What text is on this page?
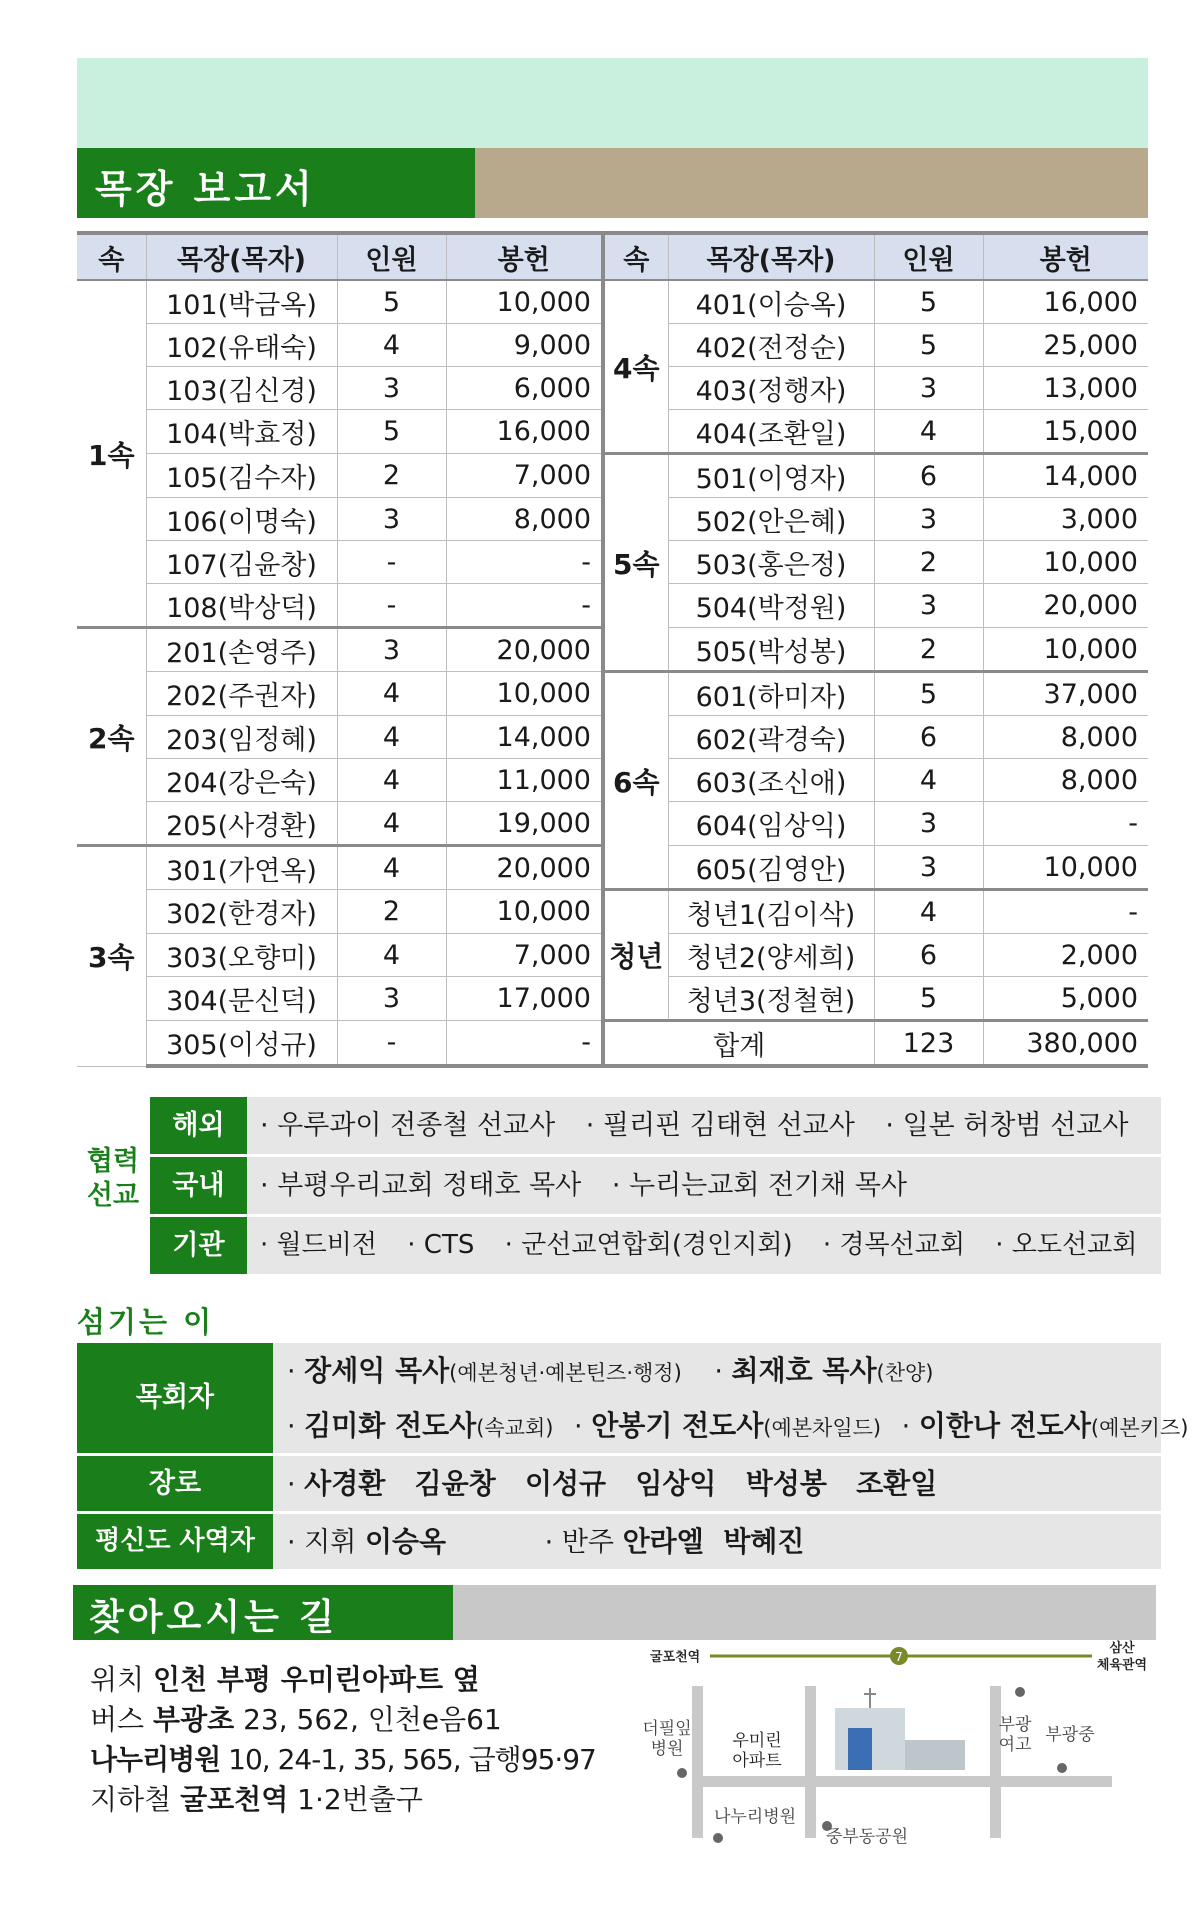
목장 보고서
속	목장(목자)	인원	봉헌	속	목장(목자)	인원	봉헌
1속	101(박금옥)	5	10,000	4속	401(이승옥)	5	16,000
	102(유태숙)	4	9,000		402(전정순)	5	25,000
	103(김신경)	3	6,000		403(정행자)	3	13,000
	104(박효정)	5	16,000		404(조환일)	4	15,000
	105(김수자)	2	7,000	5속	501(이영자)	6	14,000
	106(이명숙)	3	8,000		502(안은혜)	3	3,000
	107(김윤창)	-	-		503(홍은정)	2	10,000
	108(박상덕)	-	-		504(박정원)	3	20,000
2속	201(손영주)	3	20,000		505(박성봉)	2	10,000
	202(주권자)	4	10,000	6속	601(하미자)	5	37,000
	203(임정혜)	4	14,000		602(곽경숙)	6	8,000
	204(강은숙)	4	11,000		603(조신애)	4	8,000
	205(사경환)	4	19,000		604(임상익)	3	-
3속	301(가연옥)	4	20,000		605(김영안)	3	10,000
	302(한경자)	2	10,000	청년	청년1(김이삭)	4	-
	303(오향미)	4	7,000		청년2(양세희)	6	2,000
	304(문신덕)	3	17,000		청년3(정철현)	5	5,000
	305(이성규)	-	-	합계		123	380,000
협력 선교
해외	· 우루과이 전종철 선교사 · 필리핀 김태현 선교사 · 일본 허창범 선교사
국내	· 부평우리교회 정태호 목사 · 누리는교회 전기채 목사
기관	· 월드비전 · CTS · 군선교연합회(경인지회) · 경목선교회 · 오도선교회
섬기는 이
목회자
· 장세익 목사(예본청년·예본틴즈·행정) · 최재호 목사(찬양)
· 김미화 전도사(속교회) · 안봉기 전도사(예본차일드) · 이한나 전도사(예본키즈)
장로	· 사경환   김윤창   이성규   임상익   박성봉   조환일
평신도 사역자	· 지휘 이승옥	· 반주 안라엘  박혜진
찾아오시는 길
위치 인천 부평 우미린아파트 옆
버스 부광초 23, 562, 인천e음61
나누리병원 10, 24-1, 35, 565, 급행95·97
지하철 굴포천역 1·2번출구
7
굴포천역
삼산
체육관역
더필잎
병원	우미린
아파트
부광
여고 부광중
나누리병원
중부동공원
